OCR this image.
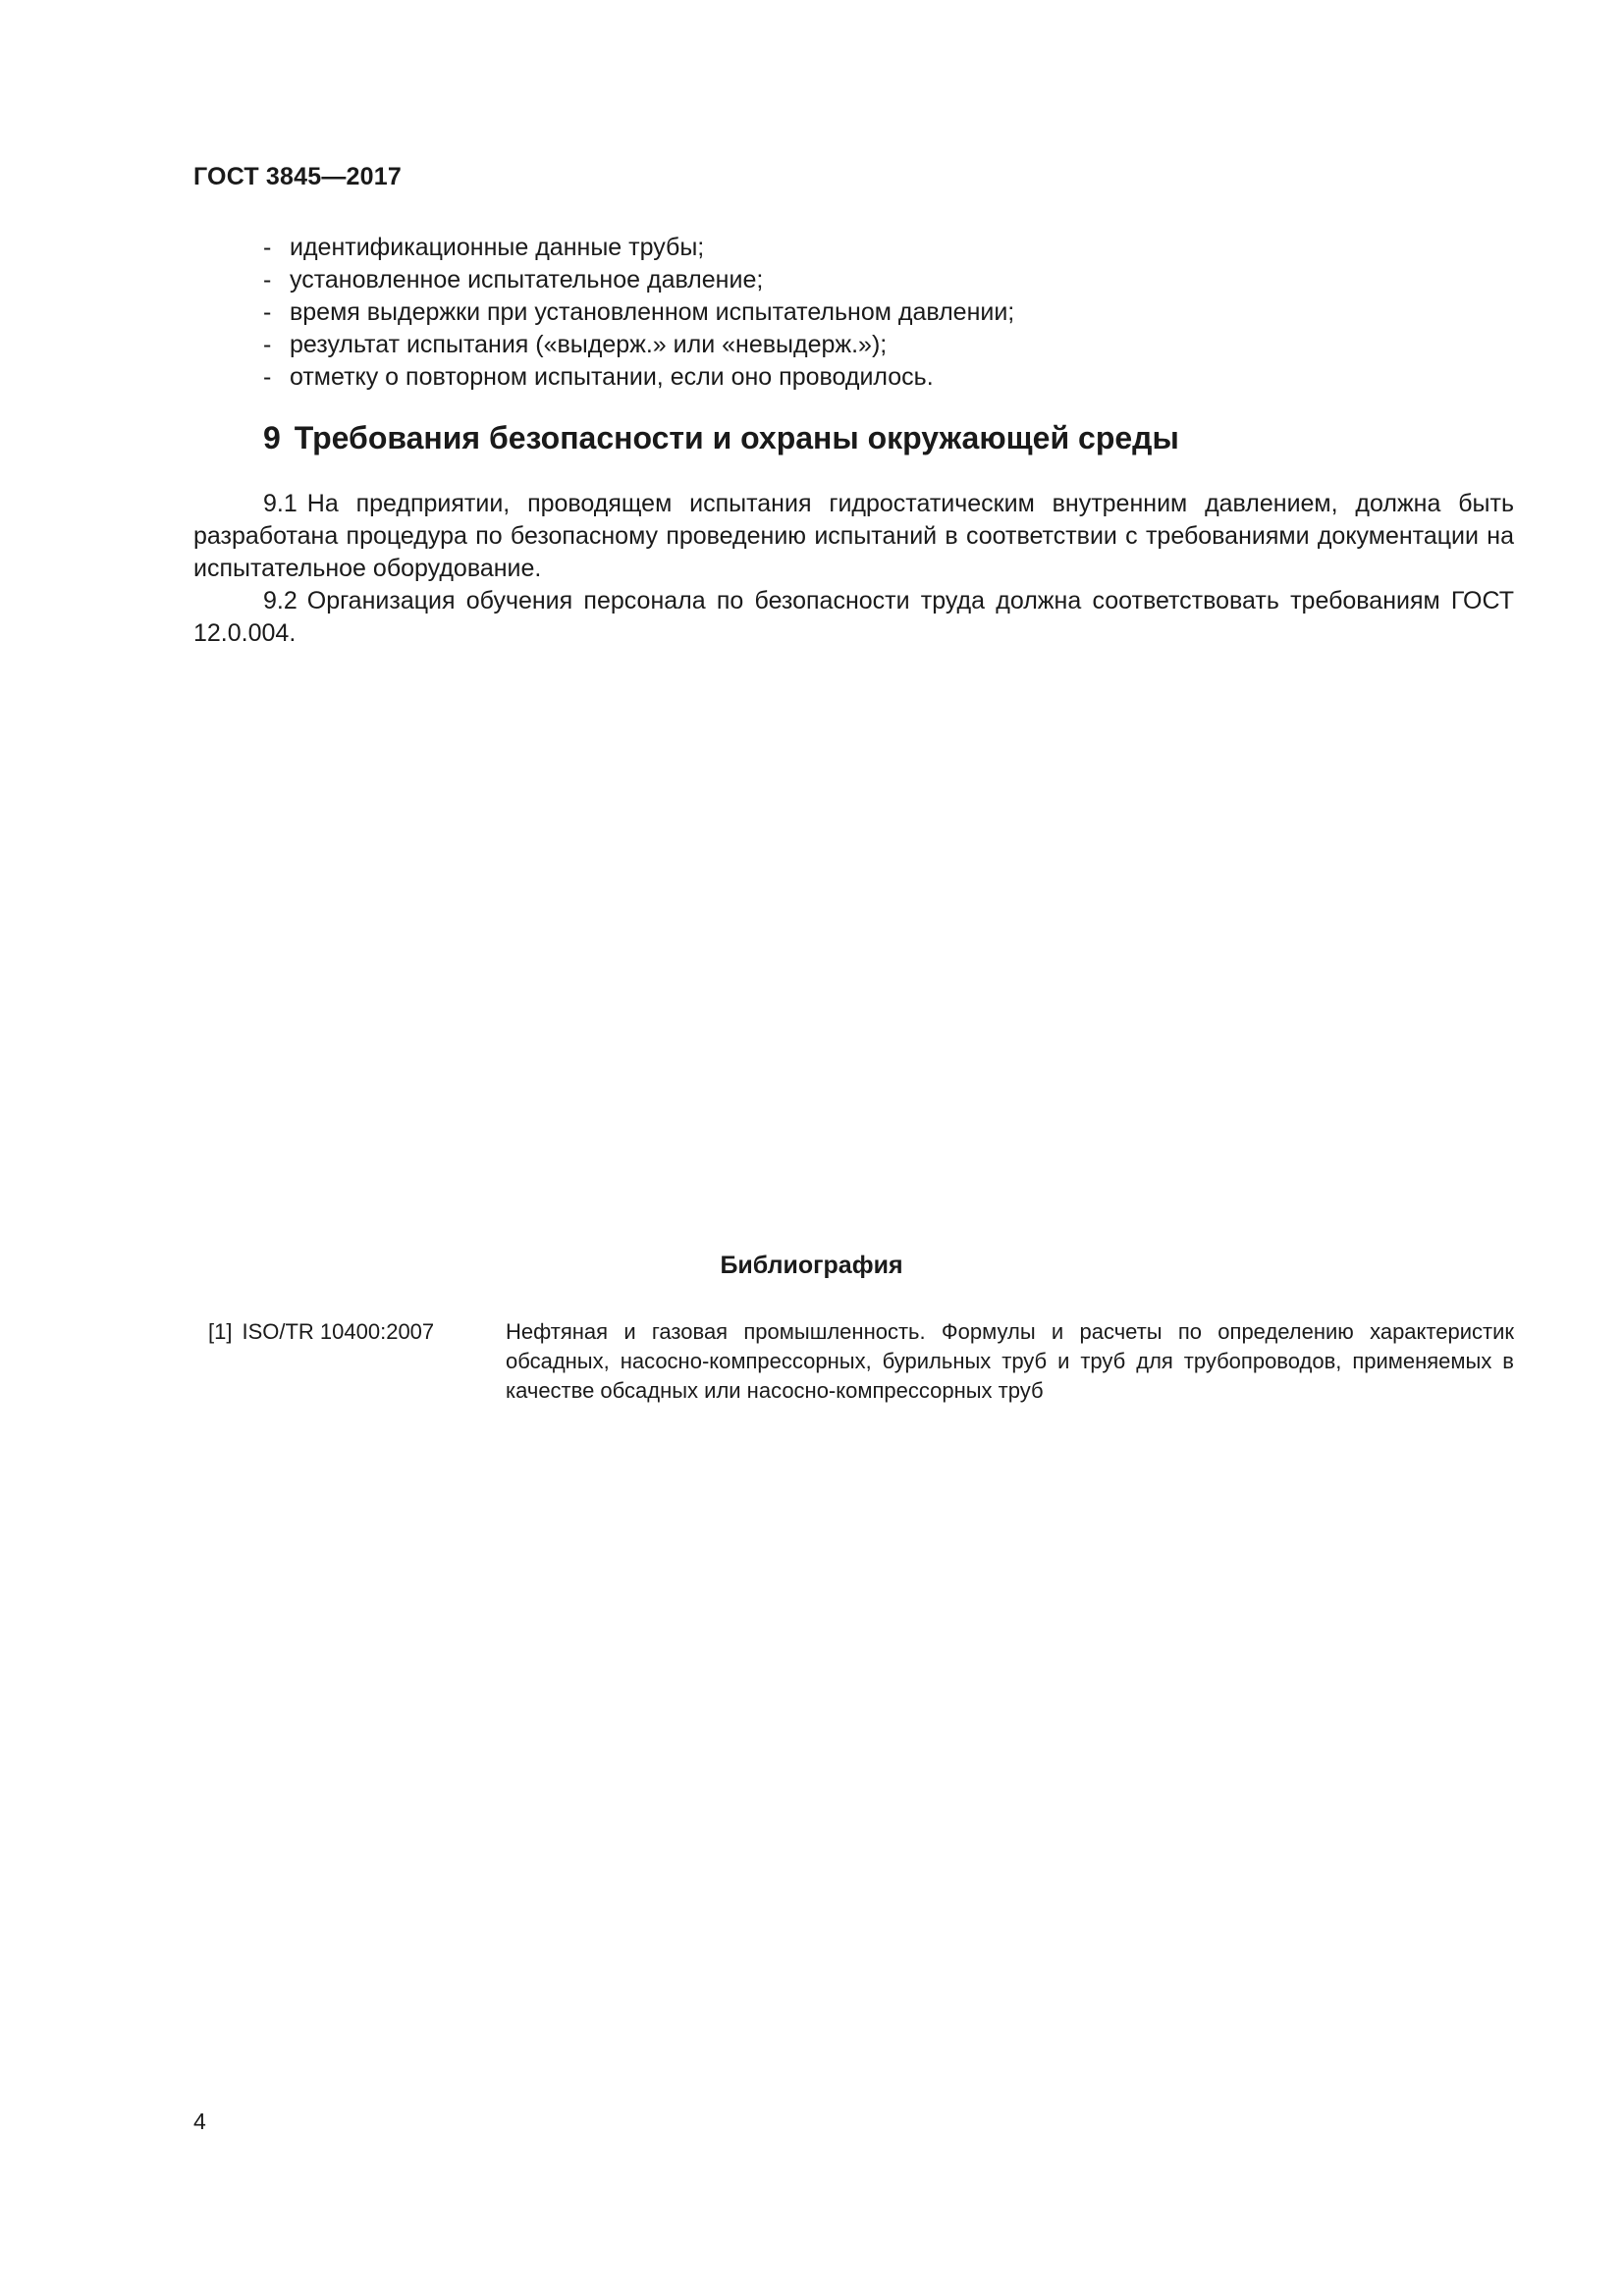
ГОСТ 3845—2017
- идентификационные данные трубы;
- установленное испытательное давление;
- время выдержки при установленном испытательном давлении;
- результат испытания («выдерж.» или «невыдерж.»);
- отметку о повторном испытании, если оно проводилось.
9 Требования безопасности и охраны окружающей среды

9.1 На предприятии, проводящем испытания гидростатическим внутренним давлением, должна быть разработана процедура по безопасному проведению испытаний в соответствии с требованиями документации на испытательное оборудование.

9.2 Организация обучения персонала по безопасности труда должна соответствовать требованиям ГОСТ 12.0.004.

Библиография
[1] ISO/TR 10400:2007	Нефтяная и газовая промышленность. Формулы и расчеты по определению характеристик обсадных, насосно-компрессорных, бурильных труб и труб для трубопроводов, применяемых в качестве обсадных или насосно-компрессорных труб
4
